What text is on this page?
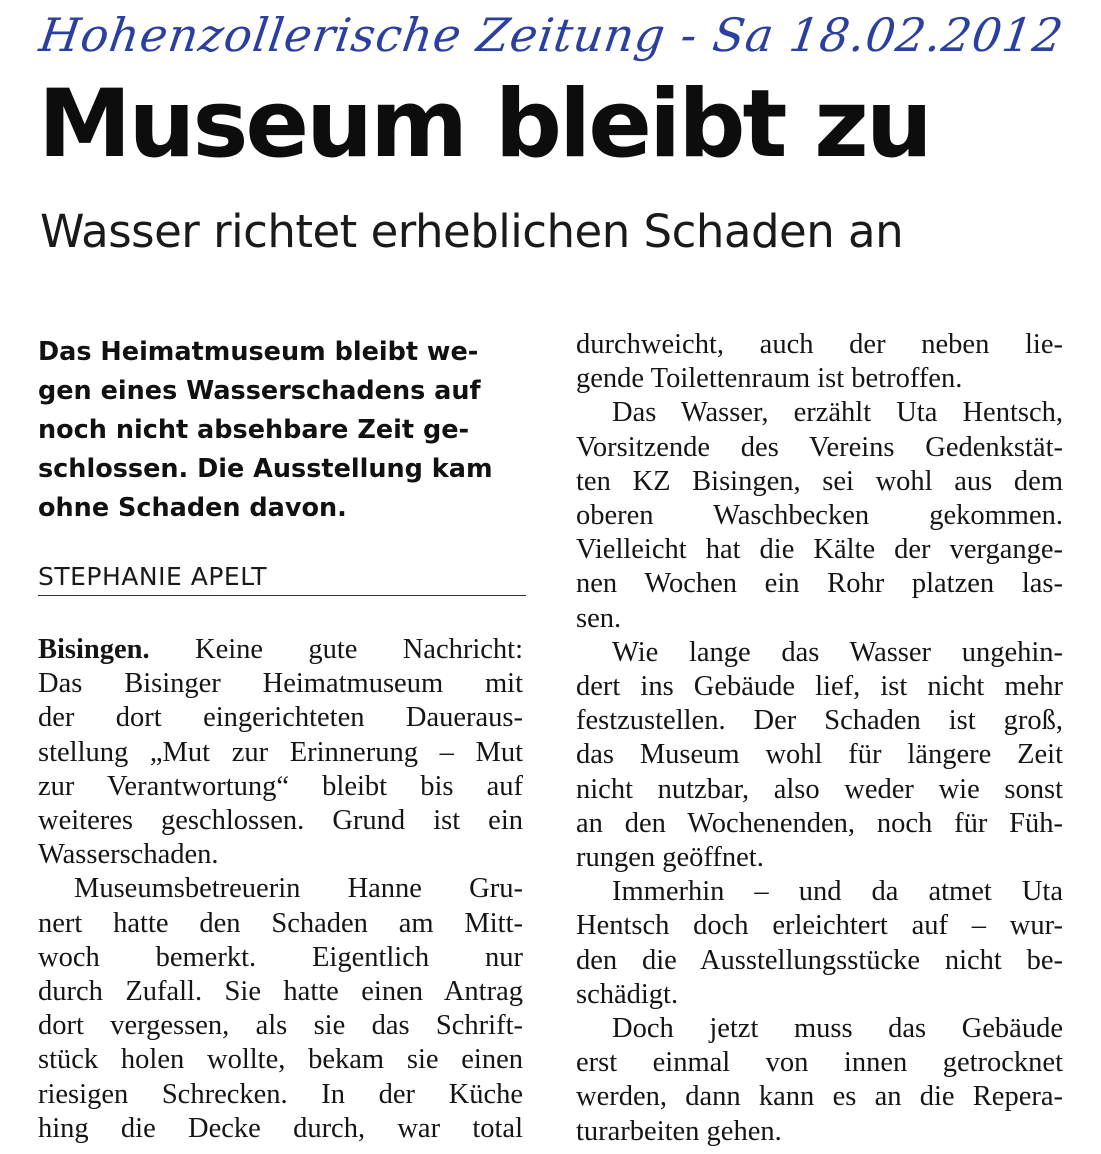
Hohenzollerische Zeitung - Sa 18.02.2012
Museum bleibt zu
Wasser richtet erheblichen Schaden an
Das Heimatmuseum bleibt we-
gen eines Wasserschadens auf
noch nicht absehbare Zeit ge-
schlossen. Die Ausstellung kam
ohne Schaden davon.
STEPHANIE APELT
Bisingen. Keine gute Nachricht:
Das Bisinger Heimatmuseum mit
der dort eingerichteten Daueraus-
stellung „Mut zur Erinnerung – Mut
zur Verantwortung“ bleibt bis auf
weiteres geschlossen. Grund ist ein
Wasserschaden.
Museumsbetreuerin Hanne Gru-
nert hatte den Schaden am Mitt-
woch bemerkt. Eigentlich nur
durch Zufall. Sie hatte einen Antrag
dort vergessen, als sie das Schrift-
stück holen wollte, bekam sie einen
riesigen Schrecken. In der Küche
hing die Decke durch, war total
durchweicht, auch der neben lie-
gende Toilettenraum ist betroffen.
Das Wasser, erzählt Uta Hentsch,
Vorsitzende des Vereins Gedenkstät-
ten KZ Bisingen, sei wohl aus dem
oberen Waschbecken gekommen.
Vielleicht hat die Kälte der vergange-
nen Wochen ein Rohr platzen las-
sen.
Wie lange das Wasser ungehin-
dert ins Gebäude lief, ist nicht mehr
festzustellen. Der Schaden ist groß,
das Museum wohl für längere Zeit
nicht nutzbar, also weder wie sonst
an den Wochenenden, noch für Füh-
rungen geöffnet.
Immerhin – und da atmet Uta
Hentsch doch erleichtert auf – wur-
den die Ausstellungsstücke nicht be-
schädigt.
Doch jetzt muss das Gebäude
erst einmal von innen getrocknet
werden, dann kann es an die Repera-
turarbeiten gehen.
